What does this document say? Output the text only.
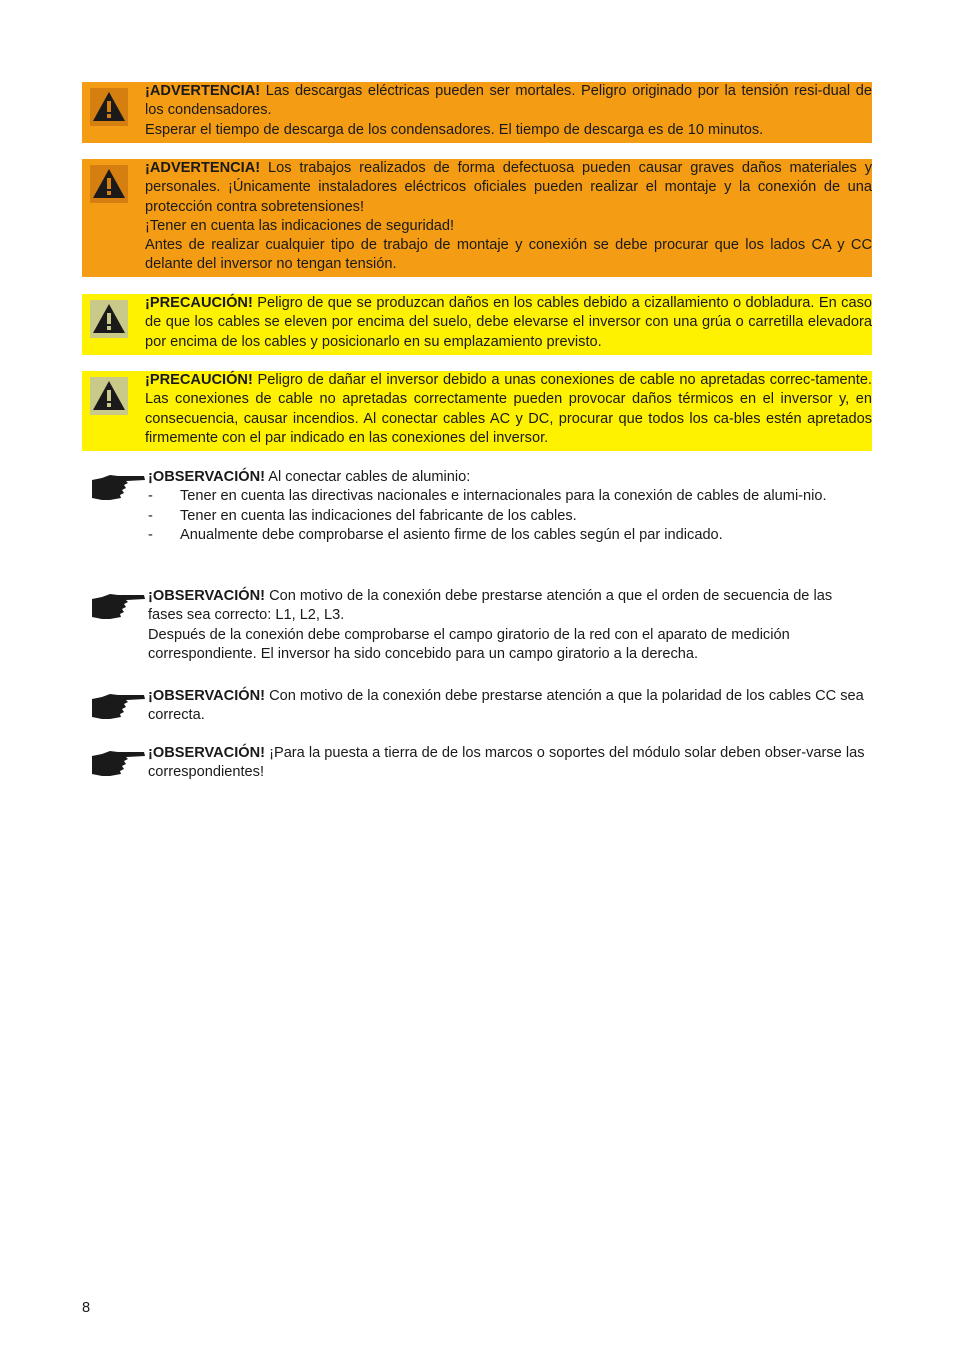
¡ADVERTENCIA! Las descargas eléctricas pueden ser mortales. Peligro originado por la tensión resi-dual de los condensadores.

Esperar el tiempo de descarga de los condensadores. El tiempo de descarga es de 10 minutos.

¡ADVERTENCIA! Los trabajos realizados de forma defectuosa pueden causar graves daños materiales y personales. ¡Únicamente instaladores eléctricos oficiales pueden realizar el montaje y la conexión de una protección contra sobretensiones!

¡Tener en cuenta las indicaciones de seguridad!

Antes de realizar cualquier tipo de trabajo de montaje y conexión se debe procurar que los lados CA y CC delante del inversor no tengan tensión.

¡PRECAUCIÓN! Peligro de que se produzcan daños en los cables debido a cizallamiento o dobladura. En caso de que los cables se eleven por encima del suelo, debe elevarse el inversor con una grúa o carretilla elevadora por encima de los cables y posicionarlo en su emplazamiento previsto.

¡PRECAUCIÓN! Peligro de dañar el inversor debido a unas conexiones de cable no apretadas correc-tamente. Las conexiones de cable no apretadas correctamente pueden provocar daños térmicos en el inversor y, en consecuencia, causar incendios. Al conectar cables AC y DC, procurar que todos los ca-bles estén apretados firmemente con el par indicado en las conexiones del inversor.

¡OBSERVACIÓN! Al conectar cables de aluminio:

- Tener en cuenta las directivas nacionales e internacionales para la conexión de cables de alumi-nio.
- Tener en cuenta las indicaciones del fabricante de los cables.
- Anualmente debe comprobarse el asiento firme de los cables según el par indicado.

¡OBSERVACIÓN! Con motivo de la conexión debe prestarse atención a que el orden de secuencia de las fases sea correcto: L1, L2, L3.

Después de la conexión debe comprobarse el campo giratorio de la red con el aparato de medición correspondiente. El inversor ha sido concebido para un campo giratorio a la derecha.

¡OBSERVACIÓN! Con motivo de la conexión debe prestarse atención a que la polaridad de los cables CC sea correcta.

¡OBSERVACIÓN! ¡Para la puesta a tierra de de los marcos o soportes del módulo solar deben obser-varse las correspondientes!

8
